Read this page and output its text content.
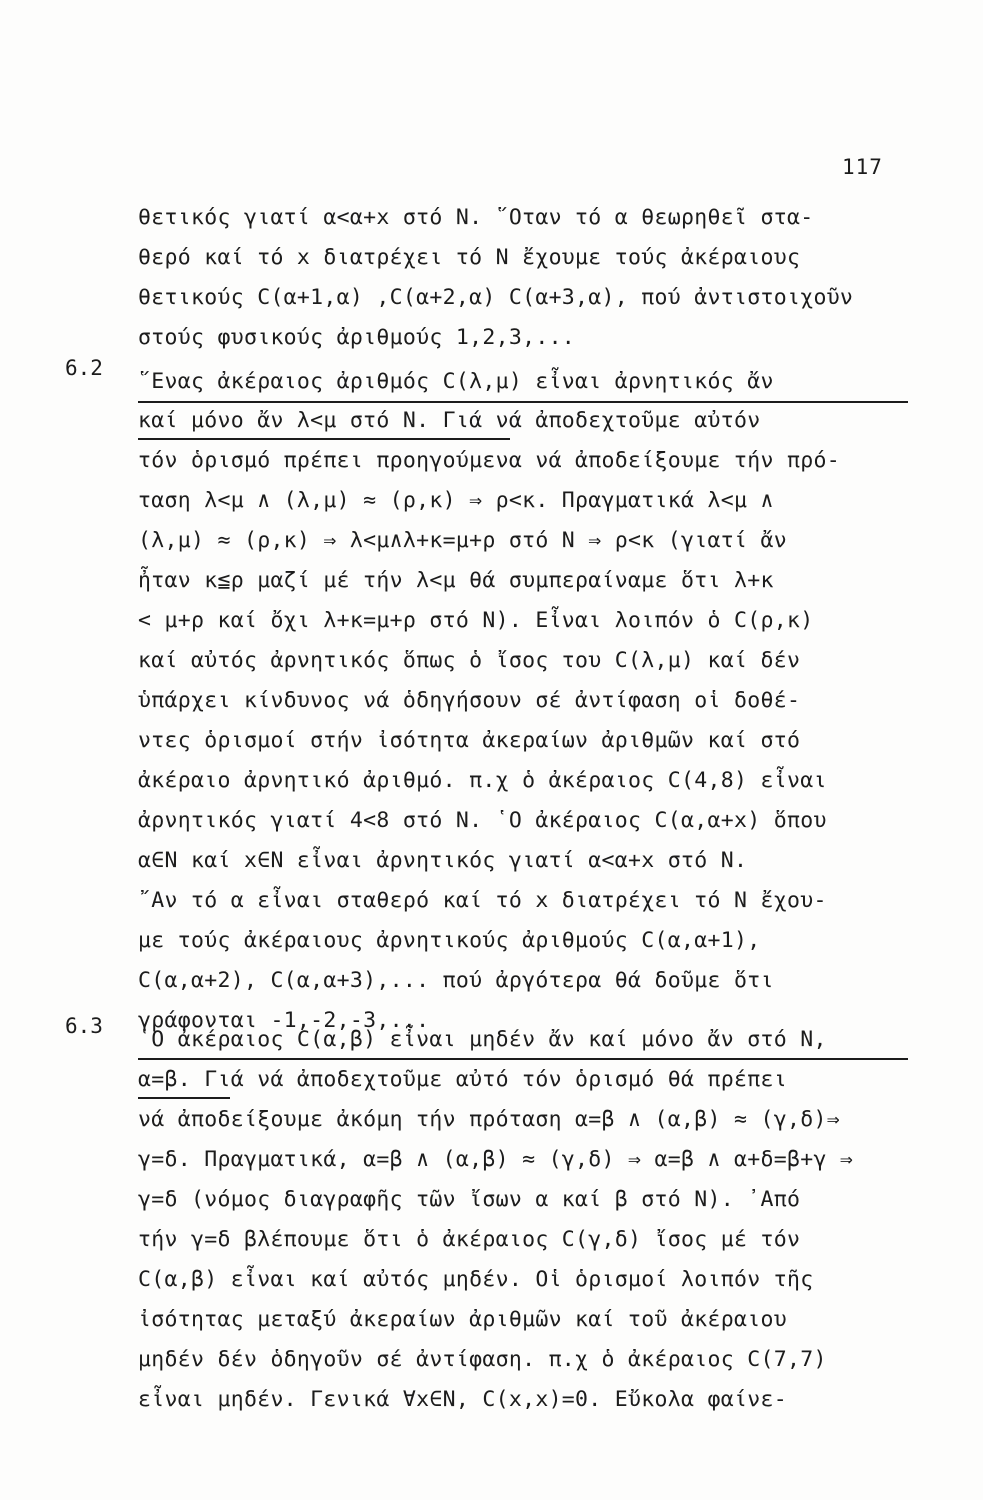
117
6.2
6.3
θετικός γιατί α<α+x στό Ν. ῞Οταν τό α θεωρηθεῖ στα-
θερό καί τό x διατρέχει τό Ν ἔχουμε τούς ἀκέραιους
θετικούς C(α+1,α) ,C(α+2,α) C(α+3,α), πού ἀντιστοιχοῦν
στούς φυσικούς ἀριθμούς 1,2,3,...
῞Ενας ἀκέραιος ἀριθμός C(λ,μ) εἶναι ἀρνητικός ἄν
καί μόνο ἄν λ<μ στό Ν. Γιά νά ἀποδεχτοῦμε αὐτόν
τόν ὁρισμό πρέπει προηγούμενα νά ἀποδείξουμε τήν πρό-
ταση λ<μ ∧ (λ,μ) ≈ (ρ,κ) ⇒ ρ<κ. Πραγματικά λ<μ ∧
(λ,μ) ≈ (ρ,κ) ⇒ λ<μ∧λ+κ=μ+ρ στό Ν ⇒ ρ<κ (γιατί ἄν
ἦταν κ≦ρ μαζί μέ τήν λ<μ θά συμπεραίναμε ὅτι λ+κ
< μ+ρ καί ὄχι λ+κ=μ+ρ στό Ν). Εἶναι λοιπόν ὁ C(ρ,κ)
καί αὐτός ἀρνητικός ὅπως ὁ ἴσος του C(λ,μ) καί δέν
ὑπάρχει κίνδυνος νά ὁδηγήσουν σέ ἀντίφαση οἱ δοθέ-
ντες ὁρισμοί στήν ἰσότητα ἀκεραίων ἀριθμῶν καί στό
ἀκέραιο ἀρνητικό ἀριθμό. π.χ ὁ ἀκέραιος C(4,8) εἶναι
ἀρνητικός γιατί 4<8 στό Ν. ῾Ο ἀκέραιος C(α,α+x) ὅπου
α∈Ν καί x∈Ν εἶναι ἀρνητικός γιατί α<α+x στό Ν.
῎Αν τό α εἶναι σταθερό καί τό x διατρέχει τό Ν ἔχου-
με τούς ἀκέραιους ἀρνητικούς ἀριθμούς C(α,α+1),
C(α,α+2), C(α,α+3),... πού ἀργότερα θά δοῦμε ὅτι
γράφονται -1,-2,-3,...
῾Ο ἀκέραιος C(α,β) εἶναι μηδέν ἄν καί μόνο ἄν στό Ν,
α=β. Γιά νά ἀποδεχτοῦμε αὐτό τόν ὁρισμό θά πρέπει
νά ἀποδείξουμε ἀκόμη τήν πρόταση α=β ∧ (α,β) ≈ (γ,δ)⇒
γ=δ. Πραγματικά, α=β ∧ (α,β) ≈ (γ,δ) ⇒ α=β ∧ α+δ=β+γ ⇒
γ=δ (νόμος διαγραφῆς τῶν ἴσων α καί β στό Ν). ᾿Από
τήν γ=δ βλέπουμε ὅτι ὁ ἀκέραιος C(γ,δ) ἴσος μέ τόν
C(α,β) εἶναι καί αὐτός μηδέν. Οἱ ὁρισμοί λοιπόν τῆς
ἰσότητας μεταξύ ἀκεραίων ἀριθμῶν καί τοῦ ἀκέραιου
μηδέν δέν ὁδηγοῦν σέ ἀντίφαση. π.χ ὁ ἀκέραιος C(7,7)
εἶναι μηδέν. Γενικά ∀x∈Ν, C(x,x)=0. Εὔκολα φαίνε-
